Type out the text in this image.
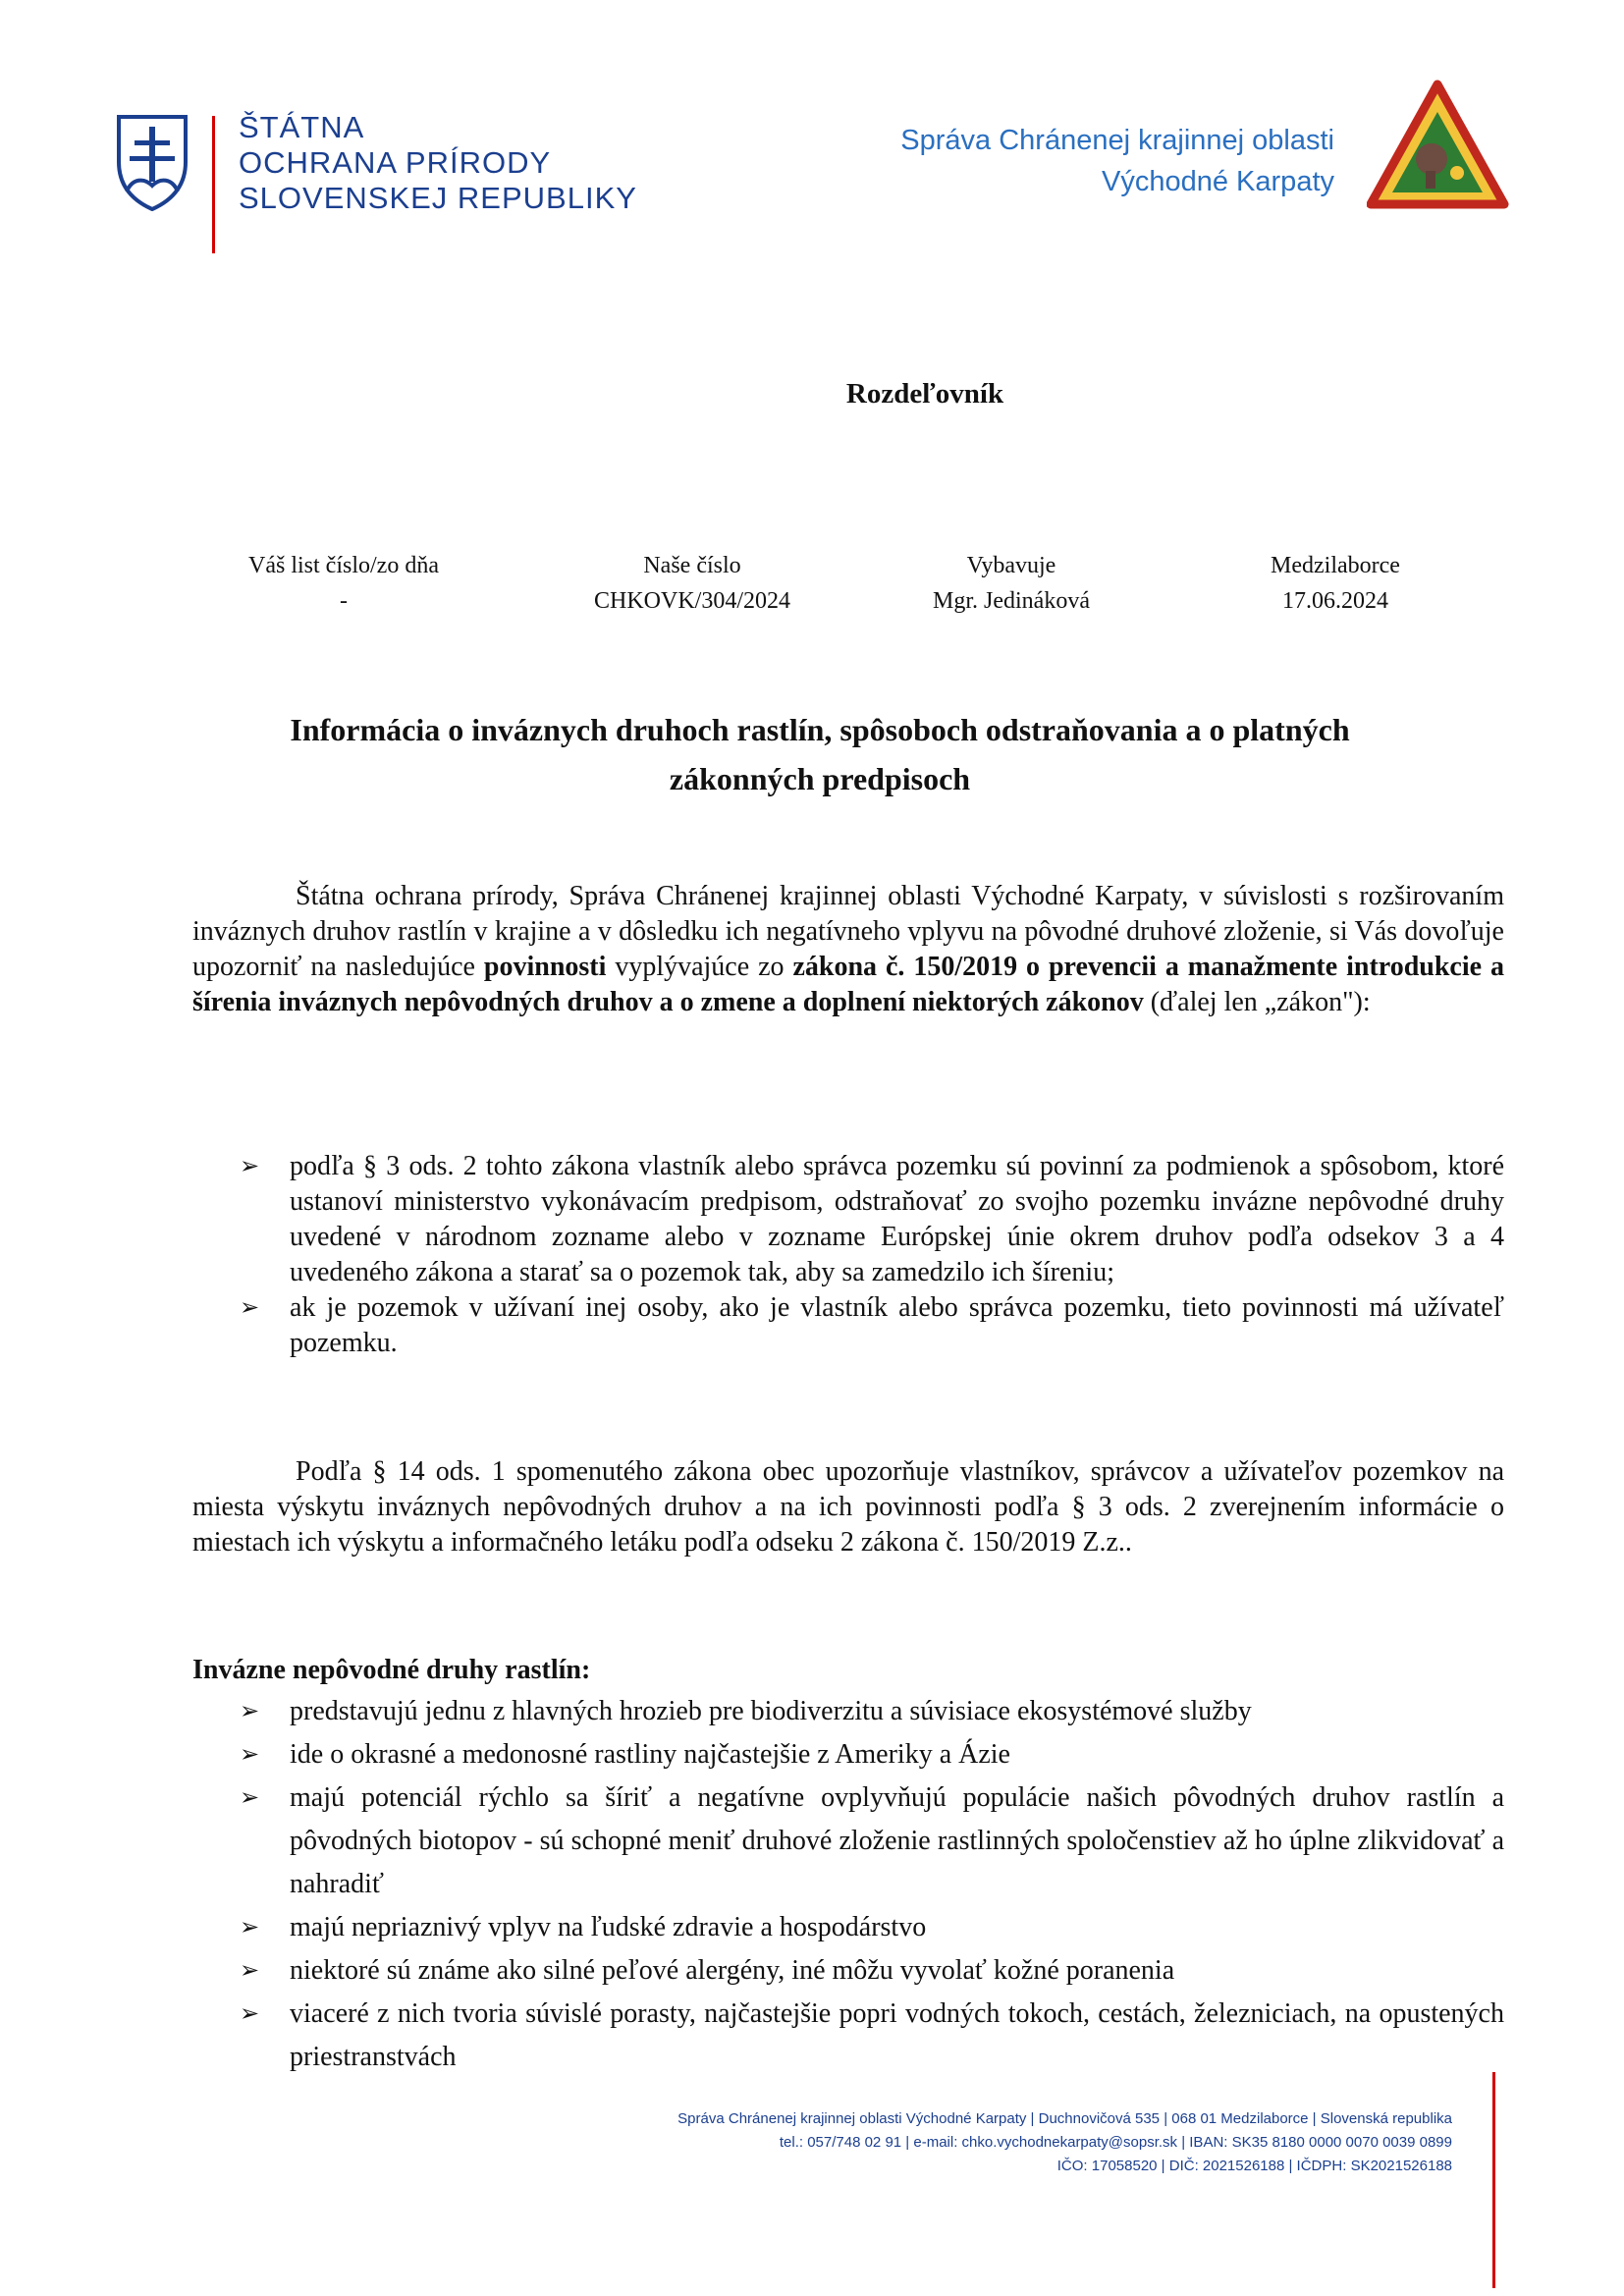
ŠTÁTNA
OCHRANA PRÍRODY
SLOVENSKEJ REPUBLIKY
Správa Chránenej krajinnej oblasti
Východné Karpaty
Rozdeľovník
Váš list číslo/zo dňa
-
Naše číslo
CHKOVK/304/2024
Vybavuje
Mgr. Jedináková
Medzilaborce
17.06.2024
Informácia o inváznych druhoch rastlín, spôsoboch odstraňovania a o platných
zákonných predpisoch
Štátna ochrana prírody, Správa Chránenej krajinnej oblasti Východné Karpaty, v súvislosti s rozširovaním inváznych druhov rastlín v krajine a v dôsledku ich negatívneho vplyvu na pôvodné druhové zloženie, si Vás dovoľuje upozorniť na nasledujúce povinnosti vyplývajúce zo zákona č. 150/2019 o prevencii a manažmente introdukcie a šírenia inváznych nepôvodných druhov a o zmene a doplnení niektorých zákonov (ďalej len „zákon"):
➢ podľa § 3 ods. 2 tohto zákona vlastník alebo správca pozemku sú povinní za podmienok a spôsobom, ktoré ustanoví ministerstvo vykonávacím predpisom, odstraňovať zo svojho pozemku invázne nepôvodné druhy uvedené v národnom zozname alebo v zozname Európskej únie okrem druhov podľa odsekov 3 a 4 uvedeného zákona a starať sa o pozemok tak, aby sa zamedzilo ich šíreniu;
➢ ak je pozemok v užívaní inej osoby, ako je vlastník alebo správca pozemku, tieto povinnosti má užívateľ pozemku.
Podľa § 14 ods. 1 spomenutého zákona obec upozorňuje vlastníkov, správcov a užívateľov pozemkov na miesta výskytu inváznych nepôvodných druhov a na ich povinnosti podľa § 3 ods. 2 zverejnením informácie o miestach ich výskytu a informačného letáku podľa odseku 2 zákona č. 150/2019 Z.z..
Invázne nepôvodné druhy rastlín:
➢ predstavujú jednu z hlavných hrozieb pre biodiverzitu a súvisiace ekosystémové služby
➢ ide o okrasné a medonosné rastliny najčastejšie z Ameriky a Ázie
➢ majú potenciál rýchlo sa šíriť a negatívne ovplyvňujú populácie našich pôvodných druhov rastlín a pôvodných biotopov - sú schopné meniť druhové zloženie rastlinných spoločenstiev až ho úplne zlikvidovať a nahradiť
➢ majú nepriaznivý vplyv na ľudské zdravie a hospodárstvo
➢ niektoré sú známe ako silné peľové alergény, iné môžu vyvolať kožné poranenia
➢ viaceré z nich tvoria súvislé porasty, najčastejšie popri vodných tokoch, cestách, železniciach, na opustených priestranstvách
Správa Chránenej krajinnej oblasti Východné Karpaty | Duchnovičová 535 | 068 01 Medzilaborce | Slovenská republika
tel.: 057/748 02 91 | e-mail: chko.vychodnekarpaty@sopsr.sk | IBAN: SK35 8180 0000 0070 0039 0899
IČO: 17058520 | DIČ: 2021526188 | IČDPH: SK2021526188
